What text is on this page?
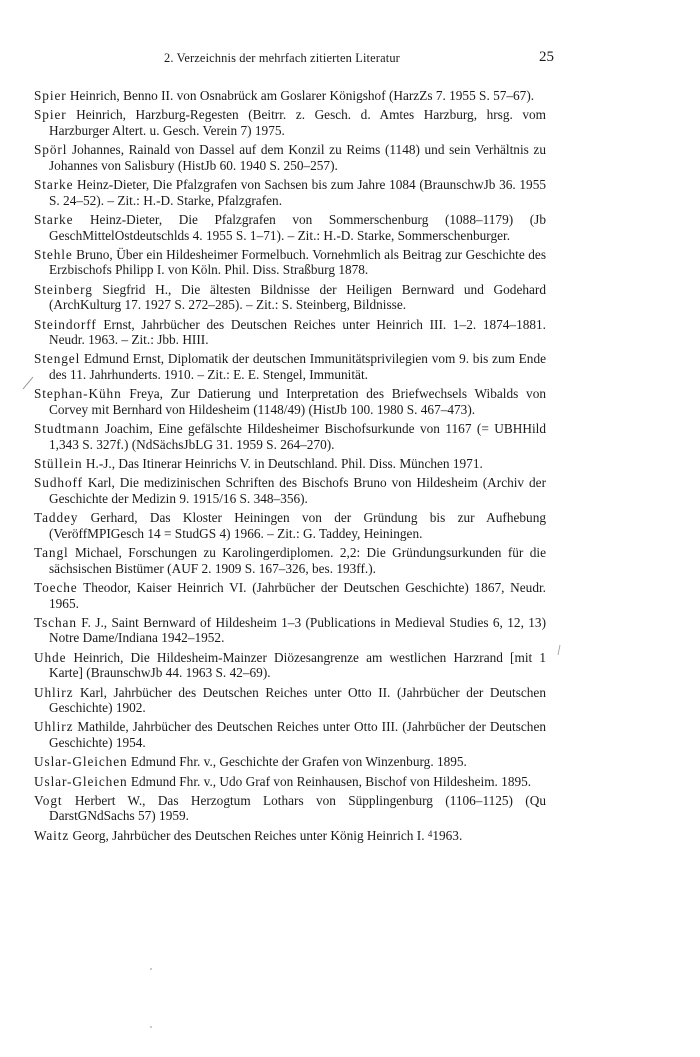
2. Verzeichnis der mehrfach zitierten Literatur	25

Spier Heinrich, Benno II. von Osnabrück am Goslarer Königshof (HarzZs 7. 1955 S. 57–67).

Spier Heinrich, Harzburg-Regesten (Beitrr. z. Gesch. d. Amtes Harzburg, hrsg. vom Harzburger Altert. u. Gesch. Verein 7) 1975.

Spörl Johannes, Rainald von Dassel auf dem Konzil zu Reims (1148) und sein Verhältnis zu Johannes von Salisbury (HistJb 60. 1940 S. 250–257).

Starke Heinz-Dieter, Die Pfalzgrafen von Sachsen bis zum Jahre 1084 (BraunschwJb 36. 1955 S. 24–52). – Zit.: H.-D. Starke, Pfalzgrafen.

Starke Heinz-Dieter, Die Pfalzgrafen von Sommerschenburg (1088–1179) (Jb GeschMittelOstdeutschlds 4. 1955 S. 1–71). – Zit.: H.-D. Starke, Sommerschenburger.

Stehle Bruno, Über ein Hildesheimer Formelbuch. Vornehmlich als Beitrag zur Geschichte des Erzbischofs Philipp I. von Köln. Phil. Diss. Straßburg 1878.

Steinberg Siegfrid H., Die ältesten Bildnisse der Heiligen Bernward und Godehard (ArchKulturg 17. 1927 S. 272–285). – Zit.: S. Steinberg, Bildnisse.

Steindorff Ernst, Jahrbücher des Deutschen Reiches unter Heinrich III. 1–2. 1874–1881. Neudr. 1963. – Zit.: Jbb. HIII.

Stengel Edmund Ernst, Diplomatik der deutschen Immunitätsprivilegien vom 9. bis zum Ende des 11. Jahrhunderts. 1910. – Zit.: E. E. Stengel, Immunität.

Stephan-Kühn Freya, Zur Datierung und Interpretation des Briefwechsels Wibalds von Corvey mit Bernhard von Hildesheim (1148/49) (HistJb 100. 1980 S. 467–473).

Studtmann Joachim, Eine gefälschte Hildesheimer Bischofsurkunde von 1167 (= UBHHild 1,343 S. 327f.) (NdSächsJbLG 31. 1959 S. 264–270).

Stüllein H.-J., Das Itinerar Heinrichs V. in Deutschland. Phil. Diss. München 1971.

Sudhoff Karl, Die medizinischen Schriften des Bischofs Bruno von Hildesheim (Archiv der Geschichte der Medizin 9. 1915/16 S. 348–356).

Taddey Gerhard, Das Kloster Heiningen von der Gründung bis zur Aufhebung (VeröffMPIGesch 14 = StudGS 4) 1966. – Zit.: G. Taddey, Heiningen.

Tangl Michael, Forschungen zu Karolingerdiplomen. 2,2: Die Gründungsurkunden für die sächsischen Bistümer (AUF 2. 1909 S. 167–326, bes. 193ff.).

Toeche Theodor, Kaiser Heinrich VI. (Jahrbücher der Deutschen Geschichte) 1867, Neudr. 1965.

Tschan F. J., Saint Bernward of Hildesheim 1–3 (Publications in Medieval Studies 6, 12, 13) Notre Dame/Indiana 1942–1952.

Uhde Heinrich, Die Hildesheim-Mainzer Diözesangrenze am westlichen Harzrand [mit 1 Karte] (BraunschwJb 44. 1963 S. 42–69).

Uhlirz Karl, Jahrbücher des Deutschen Reiches unter Otto II. (Jahrbücher der Deutschen Geschichte) 1902.

Uhlirz Mathilde, Jahrbücher des Deutschen Reiches unter Otto III. (Jahrbücher der Deutschen Geschichte) 1954.

Uslar-Gleichen Edmund Fhr. v., Geschichte der Grafen von Winzenburg. 1895.

Uslar-Gleichen Edmund Fhr. v., Udo Graf von Reinhausen, Bischof von Hildesheim. 1895.

Vogt Herbert W., Das Herzogtum Lothars von Süpplingenburg (1106–1125) (Qu DarstGNdSachs 57) 1959.

Waitz Georg, Jahrbücher des Deutschen Reiches unter König Heinrich I. $^4$1963.
